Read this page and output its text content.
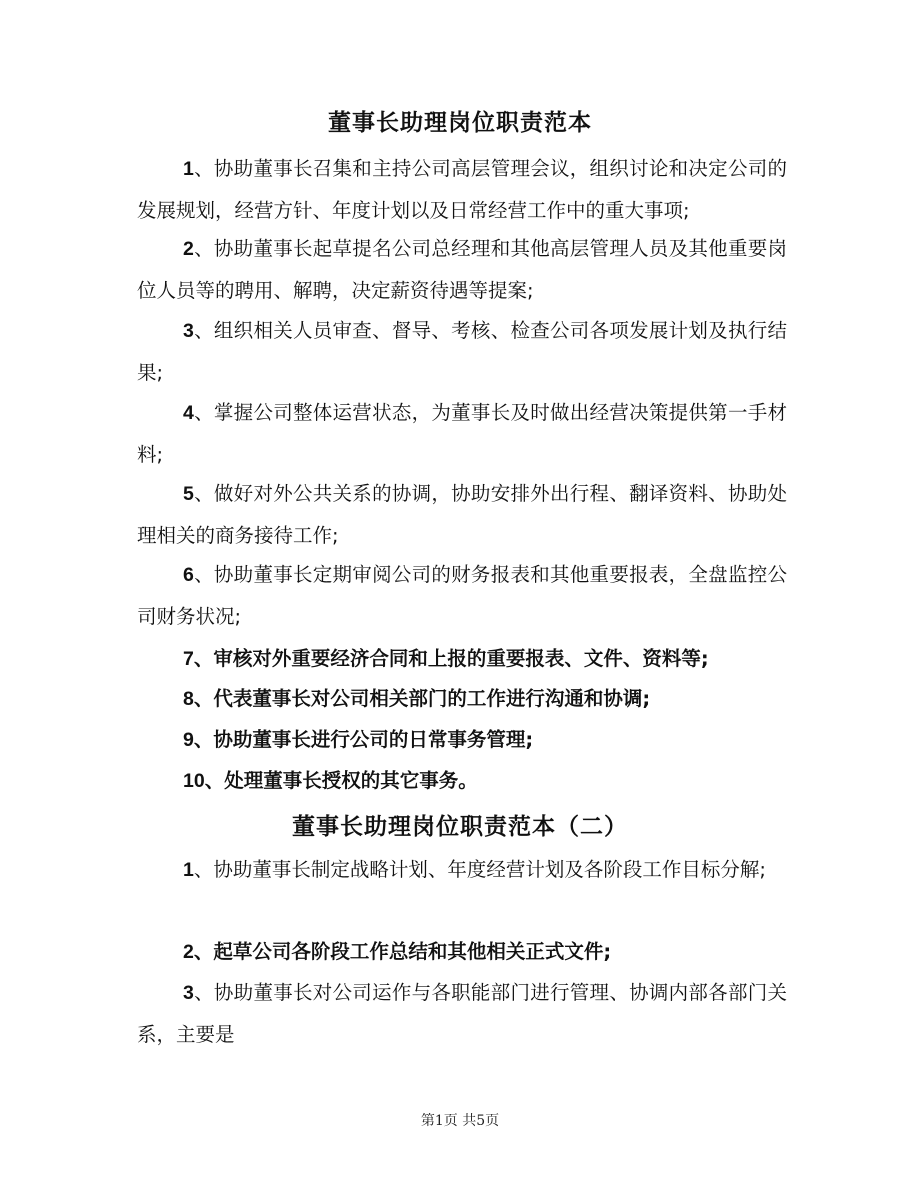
董事长助理岗位职责范本
1、协助董事长召集和主持公司高层管理会议，组织讨论和决定公司的发展规划，经营方针、年度计划以及日常经营工作中的重大事项;
2、协助董事长起草提名公司总经理和其他高层管理人员及其他重要岗位人员等的聘用、解聘，决定薪资待遇等提案;
3、组织相关人员审查、督导、考核、检查公司各项发展计划及执行结果;
4、掌握公司整体运营状态，为董事长及时做出经营决策提供第一手材料;
5、做好对外公共关系的协调，协助安排外出行程、翻译资料、协助处理相关的商务接待工作;
6、协助董事长定期审阅公司的财务报表和其他重要报表，全盘监控公司财务状况;
7、审核对外重要经济合同和上报的重要报表、文件、资料等;
8、代表董事长对公司相关部门的工作进行沟通和协调;
9、协助董事长进行公司的日常事务管理;
10、处理董事长授权的其它事务。
董事长助理岗位职责范本（二）
1、协助董事长制定战略计划、年度经营计划及各阶段工作目标分解;
2、起草公司各阶段工作总结和其他相关正式文件;
3、协助董事长对公司运作与各职能部门进行管理、协调内部各部门关系，主要是
第1页 共5页
